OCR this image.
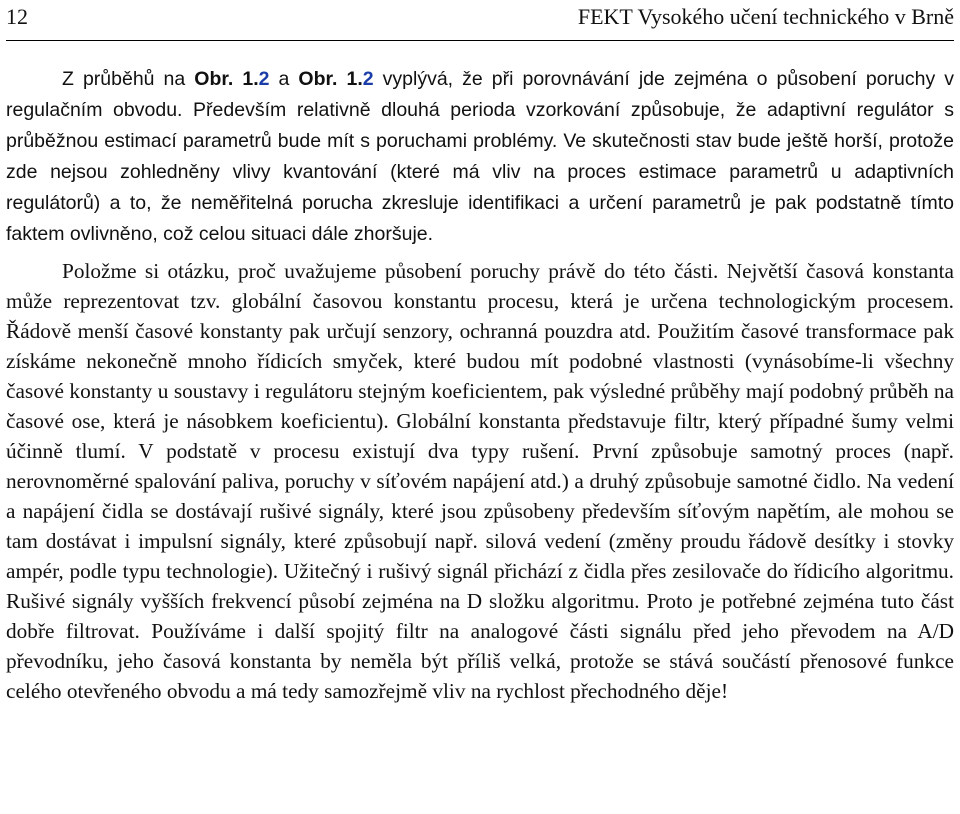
12	FEKT Vysokého učení technického v Brně

Z průběhů na Obr. 1.2 a Obr. 1.2 vyplývá, že při porovnávání jde zejména o působení poruchy v regulačním obvodu. Především relativně dlouhá perioda vzorkování způsobuje, že adaptivní regulátor s průběžnou estimací parametrů bude mít s poruchami problémy. Ve skutečnosti stav bude ještě horší, protože zde nejsou zohledněny vlivy kvantování (které má vliv na proces estimace parametrů u adaptivních regulátorů) a to, že neměřitelná porucha zkresluje identifikaci a určení parametrů je pak podstatně tímto faktem ovlivněno, což celou situaci dále zhoršuje.

Položme si otázku, proč uvažujeme působení poruchy právě do této části. Největší časová konstanta může reprezentovat tzv. globální časovou konstantu procesu, která je určena technologickým procesem. Řádově menší časové konstanty pak určují senzory, ochranná pouzdra atd. Použitím časové transformace pak získáme nekonečně mnoho řídicích smyček, které budou mít podobné vlastnosti (vynásobíme-li všechny časové konstanty u soustavy i regulátoru stejným koeficientem, pak výsledné průběhy mají podobný průběh na časové ose, která je násobkem koeficientu). Globální konstanta představuje filtr, který případné šumy velmi účinně tlumí. V podstatě v procesu existují dva typy rušení. První způsobuje samotný proces (např. nerovnoměrné spalování paliva, poruchy v síťovém napájení atd.) a druhý způsobuje samotné čidlo. Na vedení a napájení čidla se dostávají rušivé signály, které jsou způsobeny především síťovým napětím, ale mohou se tam dostávat i impulsní signály, které způsobují např. silová vedení (změny proudu řádově desítky i stovky ampér, podle typu technologie). Užitečný i rušivý signál přichází z čidla přes zesilovače do řídicího algoritmu. Rušivé signály vyšších frekvencí působí zejména na D složku algoritmu. Proto je potřebné zejména tuto část dobře filtrovat. Používáme i další spojitý filtr na analogové části signálu před jeho převodem na A/D převodníku, jeho časová konstanta by neměla být příliš velká, protože se stává součástí přenosové funkce celého otevřeného obvodu a má tedy samozřejmě vliv na rychlost přechodného děje!
